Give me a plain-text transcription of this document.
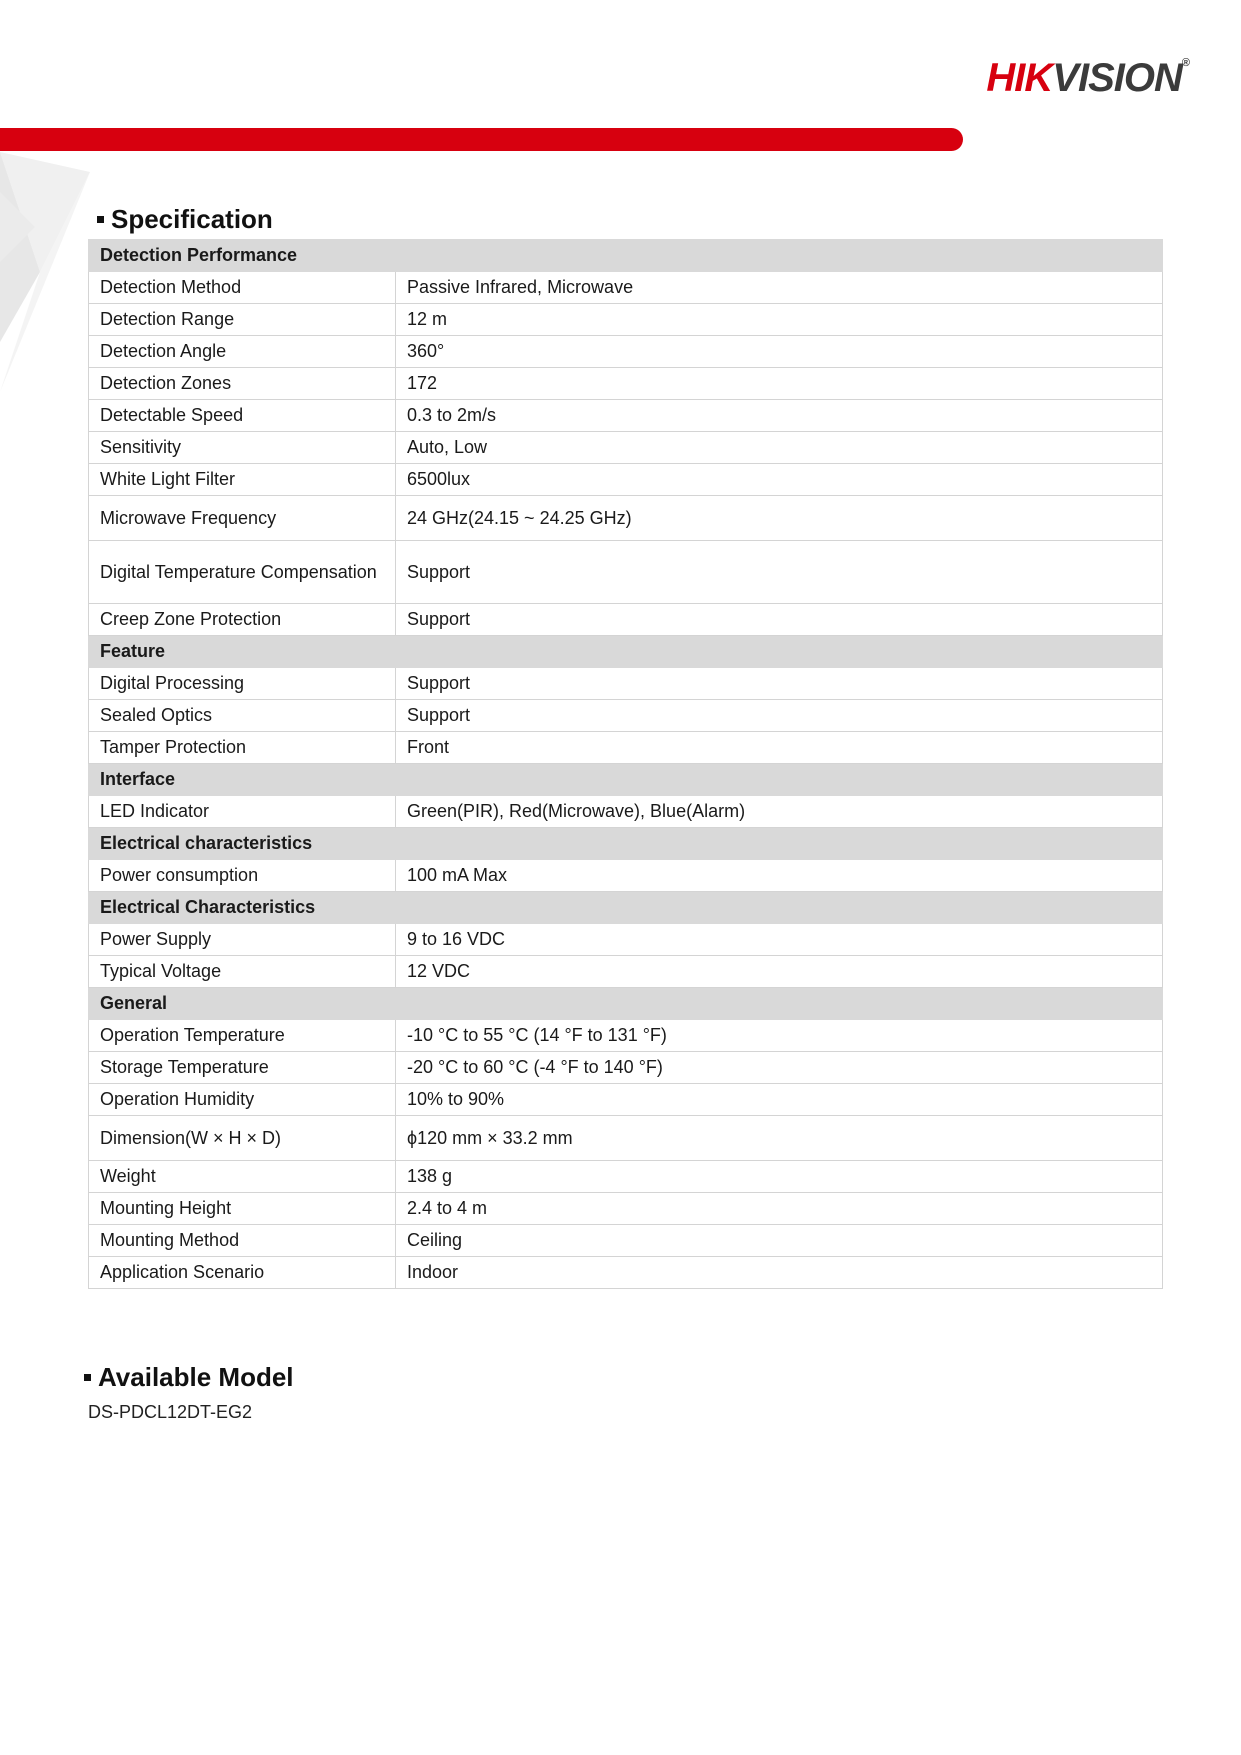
HIKVISION®
Specification
Detection Performance	
Detection Method	Passive Infrared, Microwave
Detection Range	12 m
Detection Angle	360°
Detection Zones	172
Detectable Speed	0.3 to 2m/s
Sensitivity	Auto, Low
White Light Filter	6500lux
Microwave Frequency	24 GHz(24.15 ~ 24.25 GHz)
Digital Temperature Compensation	Support
Creep Zone Protection	Support
Feature	
Digital Processing	Support
Sealed Optics	Support
Tamper Protection	Front
Interface	
LED Indicator	Green(PIR), Red(Microwave), Blue(Alarm)
Electrical characteristics	
Power consumption	100 mA Max
Electrical Characteristics	
Power Supply	9 to 16 VDC
Typical Voltage	12 VDC
General	
Operation Temperature	-10 °C to 55 °C (14 °F to 131 °F)
Storage Temperature	-20 °C to 60 °C (-4 °F to 140 °F)
Operation Humidity	10% to 90%
Dimension(W × H × D)	ϕ120 mm × 33.2 mm
Weight	138 g
Mounting Height	2.4 to 4 m
Mounting Method	Ceiling
Application Scenario	Indoor
Available Model
DS-PDCL12DT-EG2
